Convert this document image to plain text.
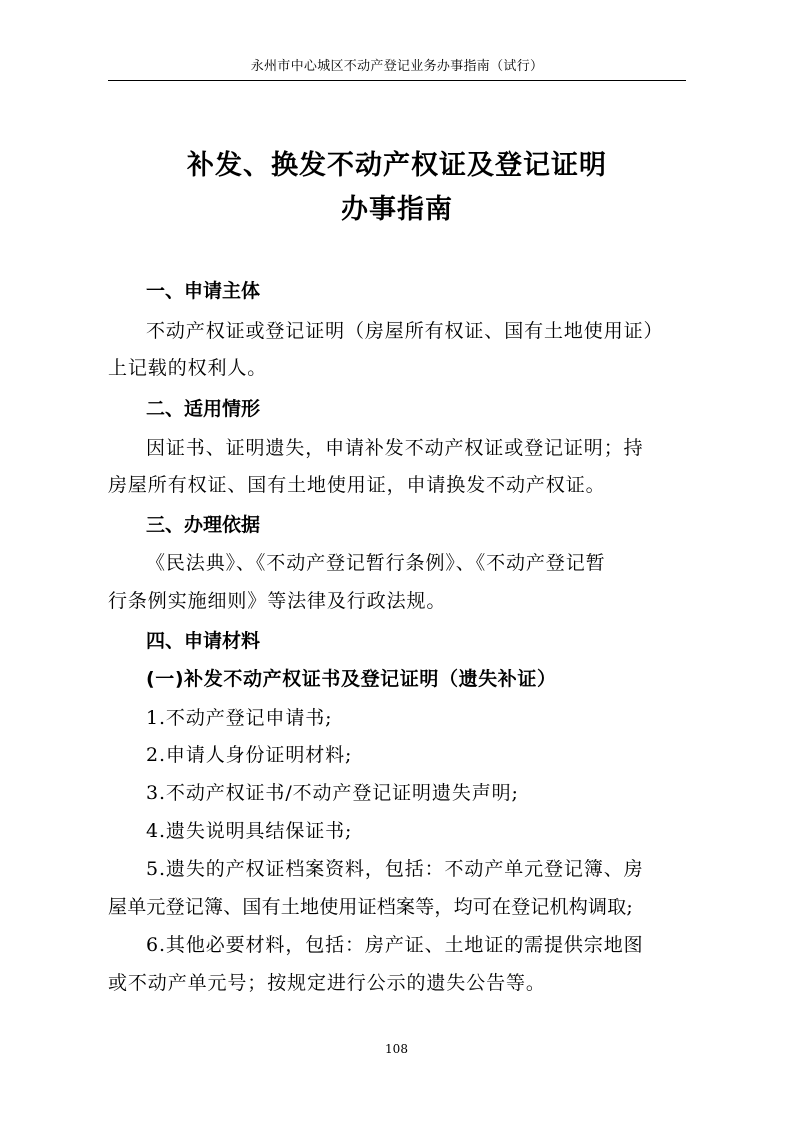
永州市中心城区不动产登记业务办事指南（试行）
补发、换发不动产权证及登记证明
办事指南
一、申请主体
不动产权证或登记证明（房屋所有权证、国有土地使用证）
上记载的权利人。
二、适用情形
因证书、证明遗失，申请补发不动产权证或登记证明；持
房屋所有权证、国有土地使用证，申请换发不动产权证。
三、办理依据
《民法典》、《不动产登记暂行条例》、《不动产登记暂
行条例实施细则》等法律及行政法规。
四、申请材料
(一)补发不动产权证书及登记证明（遗失补证）
1.不动产登记申请书;
2.申请人身份证明材料;
3.不动产权证书/不动产登记证明遗失声明;
4.遗失说明具结保证书;
5.遗失的产权证档案资料，包括：不动产单元登记簿、房
屋单元登记簿、国有土地使用证档案等，均可在登记机构调取;
6.其他必要材料，包括：房产证、土地证的需提供宗地图
或不动产单元号；按规定进行公示的遗失公告等。
108
